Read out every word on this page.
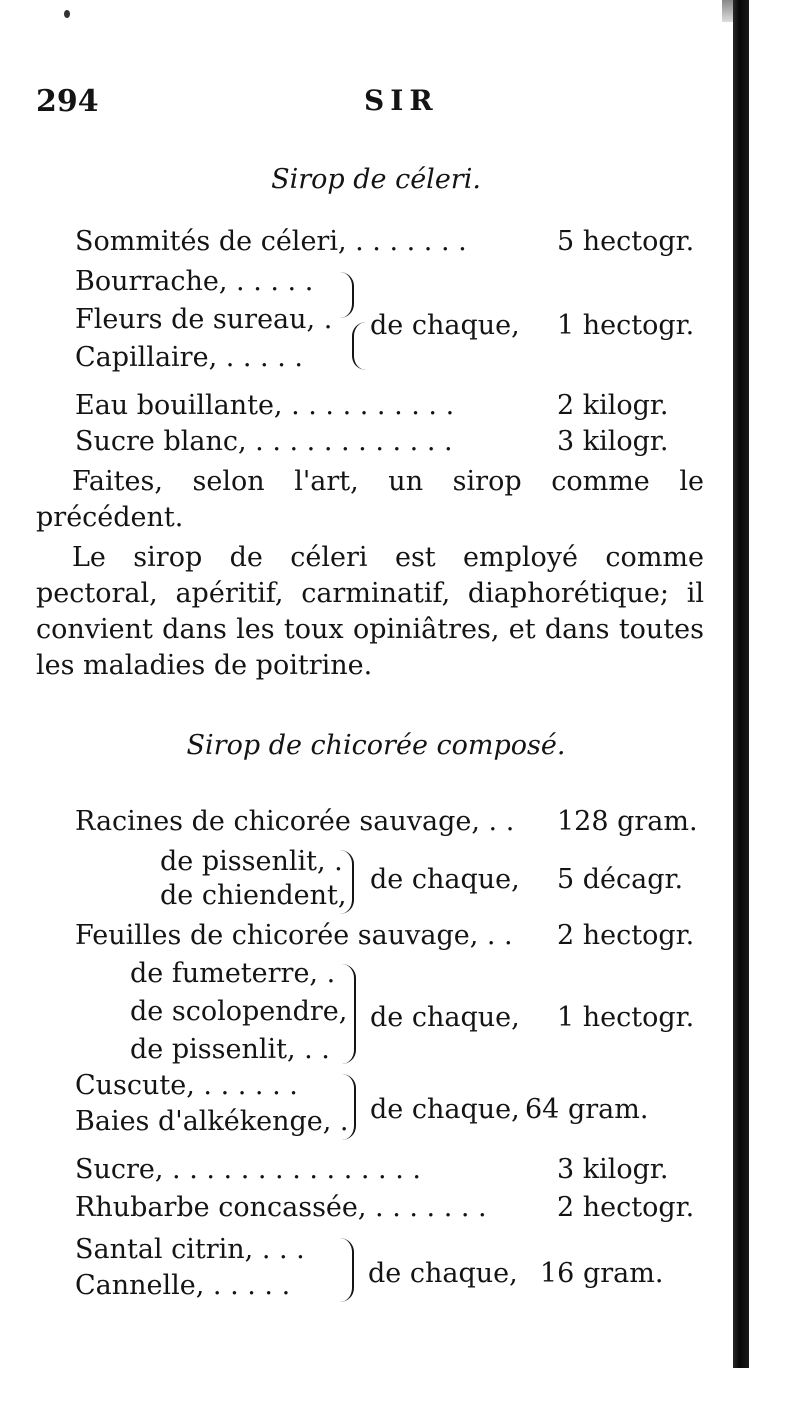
294	SIR
Sirop de céleri.
Sommités de céleri, . . . . . . .	5 hectogr.
Bourrache, . . . . .
Fleurs de sureau, .
Capillaire, . . . . .
de chaque, 1 hectogr.
Eau bouillante, . . . . . . . . . .	2 kilogr.
Sucre blanc, . . . . . . . . . . . .	3 kilogr.
Faites, selon l'art, un sirop comme le précédent.
Le sirop de céleri est employé comme pectoral, apéritif, carminatif, diaphorétique; il convient dans les toux opiniâtres, et dans toutes les maladies de poitrine.
Sirop de chicorée composé.
Racines de chicorée sauvage, . . 128 gram.
de pissenlit, .
de chiendent,
de chaque, 5 décagr.
Feuilles de chicorée sauvage, . . 2 hectogr.
de fumeterre, .
de scolopendre,
de pissenlit, . .
de chaque, 1 hectogr.
Cuscute, . . . . . .
Baies d'alkékenge, . de chaque, 64 gram.
Sucre, . . . . . . . . . . . . . . .	3 kilogr.
Rhubarbe concassée, . . . . . . .	2 hectogr.
Santal citrin, . . .
Cannelle, . . . . .	de chaque, 16 gram.
